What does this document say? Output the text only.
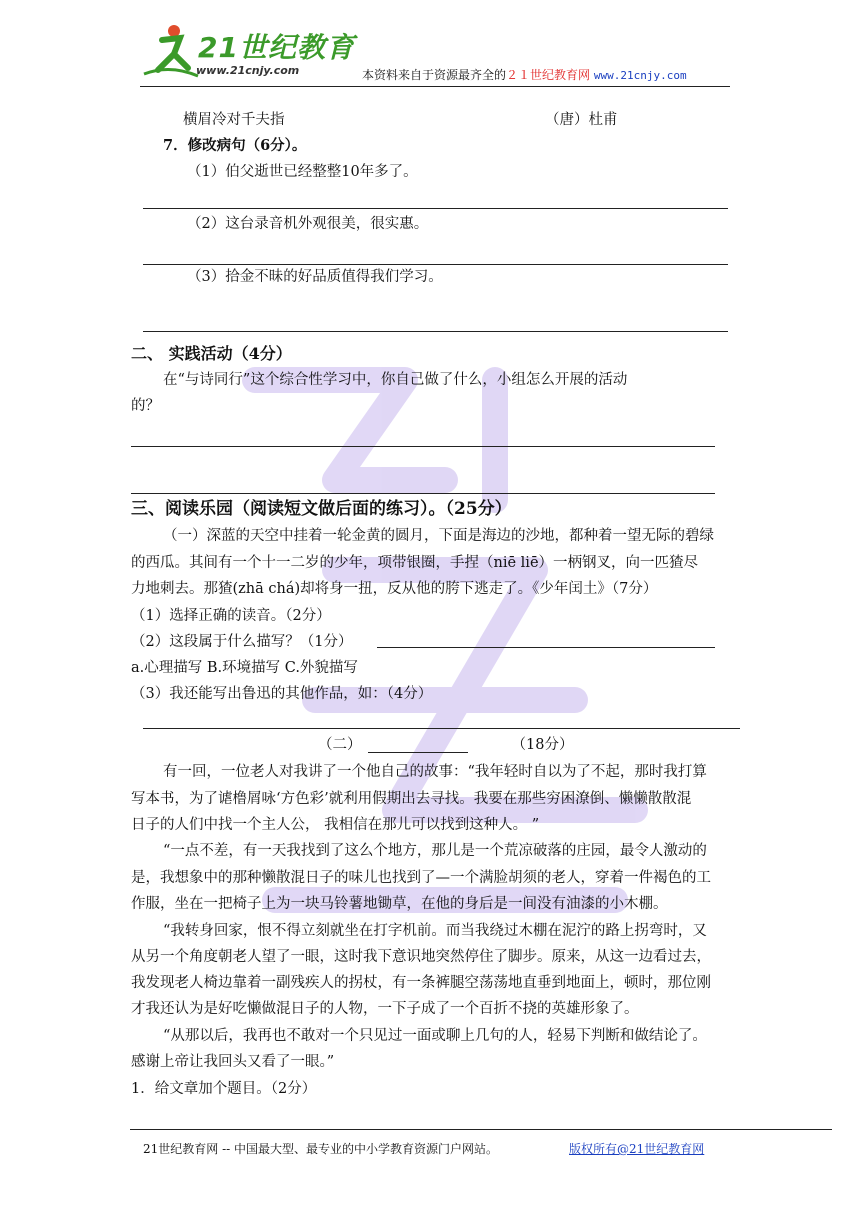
21世纪教育
www.21cnjy.com	本资料来自于资源最齐全的２１世纪教育网 www.21cnjy.com
横眉冷对千夫指	（唐）杜甫
7．修改病句（6分）。
（1）伯父逝世已经整整10年多了。
（2）这台录音机外观很美，很实惠。
（3）拾金不昧的好品质值得我们学习。
二、 实践活动（4分）
在“与诗同行”这个综合性学习中，你自己做了什么，小组怎么开展的活动
的？
三、阅读乐园（阅读短文做后面的练习）。（25分）
（一）深蓝的天空中挂着一轮金黄的圆月，下面是海边的沙地，都种着一望无际的碧绿
的西瓜。其间有一个十一二岁的少年，项带银圈，手捏（niē liē）一柄钢叉，向一匹猹尽
力地刺去。那猹(zhā chá)却将身一扭，反从他的胯下逃走了。《少年闰土》（7分）
（1）选择正确的读音。（2分）
（2）这段属于什么描写？（1分）
a.心理描写 B.环境描写 C.外貌描写
（3）我还能写出鲁迅的其他作品，如：（4分）
（二）	（18分）
有一回，一位老人对我讲了一个他自己的故事：“我年轻时自以为了不起，那时我打算
写本书，为了谑橹屑咏‘方色彩’就利用假期出去寻找。我要在那些穷困潦倒、懒懒散散混
日子的人们中找一个主人公， 我相信在那儿可以找到这种人。 ”
“一点不差，有一天我找到了这么个地方，那儿是一个荒凉破落的庄园，最令人激动的
是，我想象中的那种懒散混日子的味儿也找到了—一个满脸胡须的老人，穿着一件褐色的工
作服，坐在一把椅子上为一块马铃薯地锄草，在他的身后是一间没有油漆的小木棚。
“我转身回家，恨不得立刻就坐在打字机前。而当我绕过木棚在泥泞的路上拐弯时，又
从另一个角度朝老人望了一眼，这时我下意识地突然停住了脚步。原来，从这一边看过去，
我发现老人椅边靠着一副残疾人的拐杖，有一条裤腿空荡荡地直垂到地面上，顿时，那位刚
才我还认为是好吃懒做混日子的人物，一下子成了一个百折不挠的英雄形象了。
“从那以后，我再也不敢对一个只见过一面或聊上几句的人，轻易下判断和做结论了。
感谢上帝让我回头又看了一眼。”
1．给文章加个题目。（2分）
21世纪教育网 -- 中国最大型、最专业的中小学教育资源门户网站。	版权所有@21世纪教育网
